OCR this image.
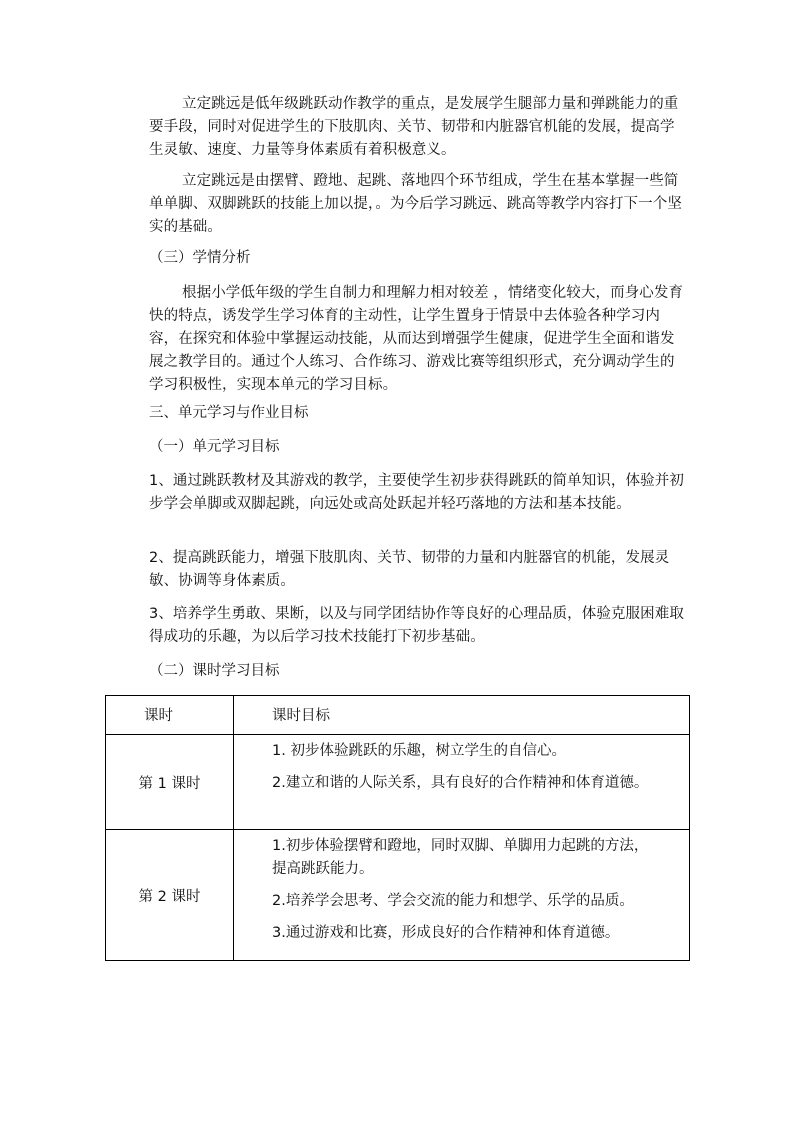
立定跳远是低年级跳跃动作教学的重点，是发展学生腿部力量和弹跳能力的重要手段，同时对促进学生的下肢肌肉、关节、韧带和内脏器官机能的发展，提高学生灵敏、速度、力量等身体素质有着积极意义。

立定跳远是由摆臂、蹬地、起跳、落地四个环节组成，学生在基本掌握一些简单单脚、双脚跳跃的技能上加以提，。为今后学习跳远、跳高等教学内容打下一个坚实的基础。

（三）学情分析

根据小学低年级的学生自制力和理解力相对较差 ，情绪变化较大，而身心发育快的特点，诱发学生学习体育的主动性，让学生置身于情景中去体验各种学习内容，在探究和体验中掌握运动技能，从而达到增强学生健康，促进学生全面和谐发展之教学目的。通过个人练习、合作练习、游戏比赛等组织形式，充分调动学生的学习积极性，实现本单元的学习目标。

三、单元学习与作业目标

（一）单元学习目标

1、通过跳跃教材及其游戏的教学，主要使学生初步获得跳跃的简单知识，体验并初步学会单脚或双脚起跳，向远处或高处跃起并轻巧落地的方法和基本技能。

2、提高跳跃能力，增强下肢肌肉、关节、韧带的力量和内脏器官的机能，发展灵敏、协调等身体素质。

3、培养学生勇敢、果断，以及与同学团结协作等良好的心理品质，体验克服困难取得成功的乐趣，为以后学习技术技能打下初步基础。

（二）课时学习目标

课时	课时目标
第 1 课时	1. 初步体验跳跃的乐趣，树立学生的自信心。

2.建立和谐的人际关系，具有良好的合作精神和体育道德。

第 2 课时	1.初步体验摆臂和蹬地，同时双脚、单脚用力起跳的方法，提高跳跃能力。

2.培养学会思考、学会交流的能力和想学、乐学的品质。

3.通过游戏和比赛，形成良好的合作精神和体育道德。
